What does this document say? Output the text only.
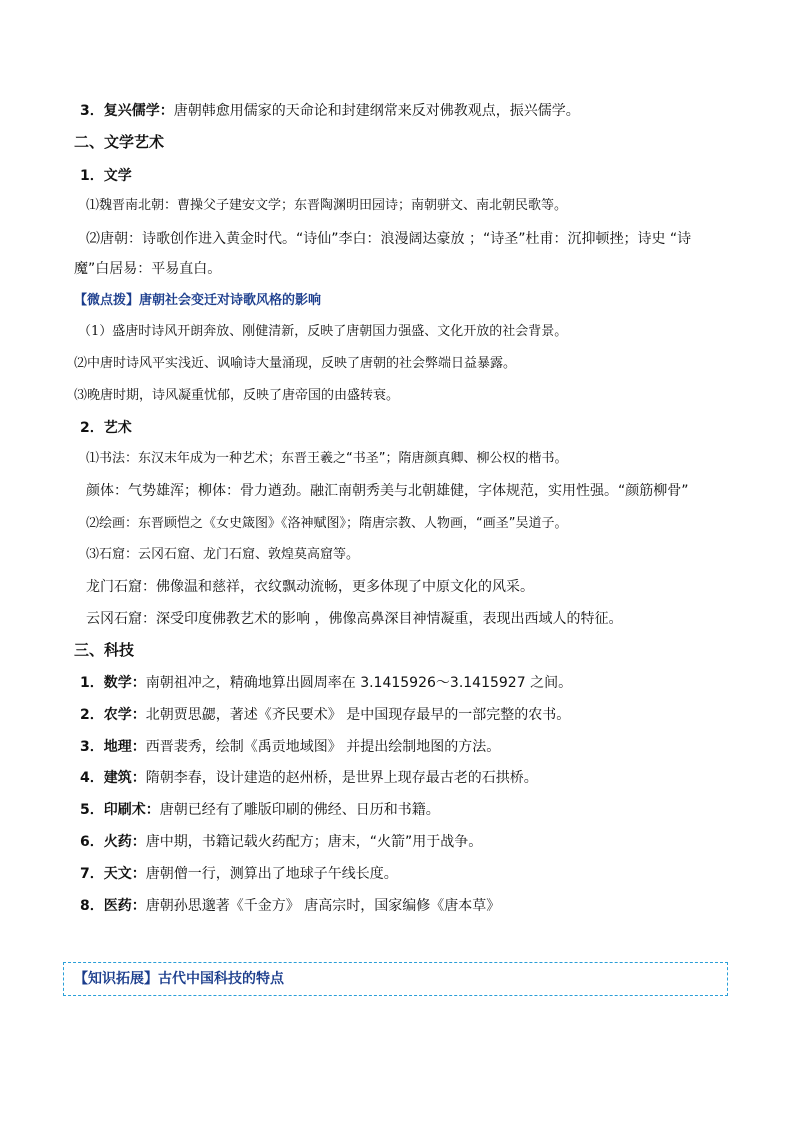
3．复兴儒学：唐朝韩愈用儒家的天命论和封建纲常来反对佛教观点，振兴儒学。
二、文学艺术
1．文学
⑴魏晋南北朝：曹操父子建安文学；东晋陶渊明田园诗；南朝骈文、南北朝民歌等。
⑵唐朝：诗歌创作进入黄金时代。“诗仙”李白：浪漫阔达豪放 ；“诗圣”杜甫：沉抑顿挫；诗史 “诗
魔”白居易：平易直白。
【微点拨】唐朝社会变迁对诗歌风格的影响
（1）盛唐时诗风开朗奔放、刚健清新，反映了唐朝国力强盛、文化开放的社会背景。
⑵中唐时诗风平实浅近、讽喻诗大量涌现，反映了唐朝的社会弊端日益暴露。
⑶晚唐时期，诗风凝重忧郁，反映了唐帝国的由盛转衰。
2．艺术
⑴书法：东汉末年成为一种艺术；东晋王羲之“书圣”；隋唐颜真卿、柳公权的楷书。
颜体：气势雄浑；柳体：骨力遒劲。融汇南朝秀美与北朝雄健，字体规范，实用性强。“颜筋柳骨”
⑵绘画：东晋顾恺之《女史箴图》《洛神赋图》；隋唐宗教、人物画，“画圣”吴道子。
⑶石窟：云冈石窟、龙门石窟、敦煌莫高窟等。
龙门石窟：佛像温和慈祥，衣纹飘动流畅，更多体现了中原文化的风采。
云冈石窟：深受印度佛教艺术的影响 ，佛像高鼻深目神情凝重，表现出西域人的特征。
三、科技
1．数学：南朝祖冲之，精确地算出圆周率在 3.1415926～3.1415927 之间。
2．农学：北朝贾思勰，著述《齐民要术》 是中国现存最早的一部完整的农书。
3．地理：西晋裴秀，绘制《禹贡地域图》 并提出绘制地图的方法。
4．建筑：隋朝李春，设计建造的赵州桥，是世界上现存最古老的石拱桥。
5．印刷术：唐朝已经有了雕版印刷的佛经、日历和书籍。
6．火药：唐中期，书籍记载火药配方；唐末，“火箭”用于战争。
7．天文：唐朝僧一行，测算出了地球子午线长度。
8．医药：唐朝孙思邈著《千金方》 唐高宗时，国家编修《唐本草》
【知识拓展】古代中国科技的特点
